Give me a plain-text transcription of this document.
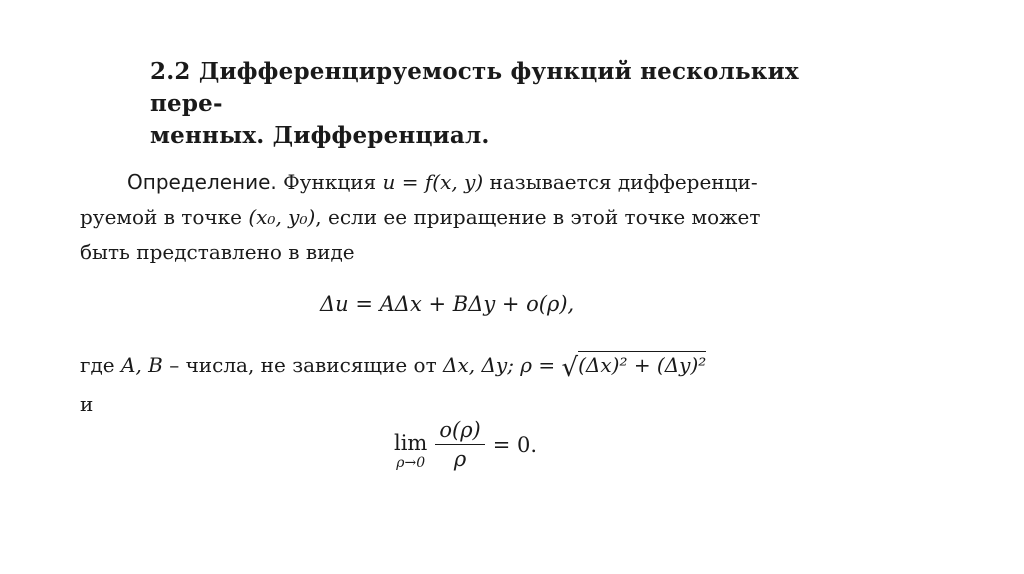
2.2 Дифференцируемость функций нескольких пере-
менных. Дифференциал.
Определение. Функция u = f(x, y) называется дифференци-
руемой в точке (x₀, y₀), если ее приращение в этой точке может
быть представлено в виде
Δu = AΔx + BΔy + o(ρ),
где A, B – числа, не зависящие от Δx, Δy; ρ = √(Δx)² + (Δy)²
и
lim
$\rho\to 0 \frac{o(\rho)}{\rho} = 0$.
